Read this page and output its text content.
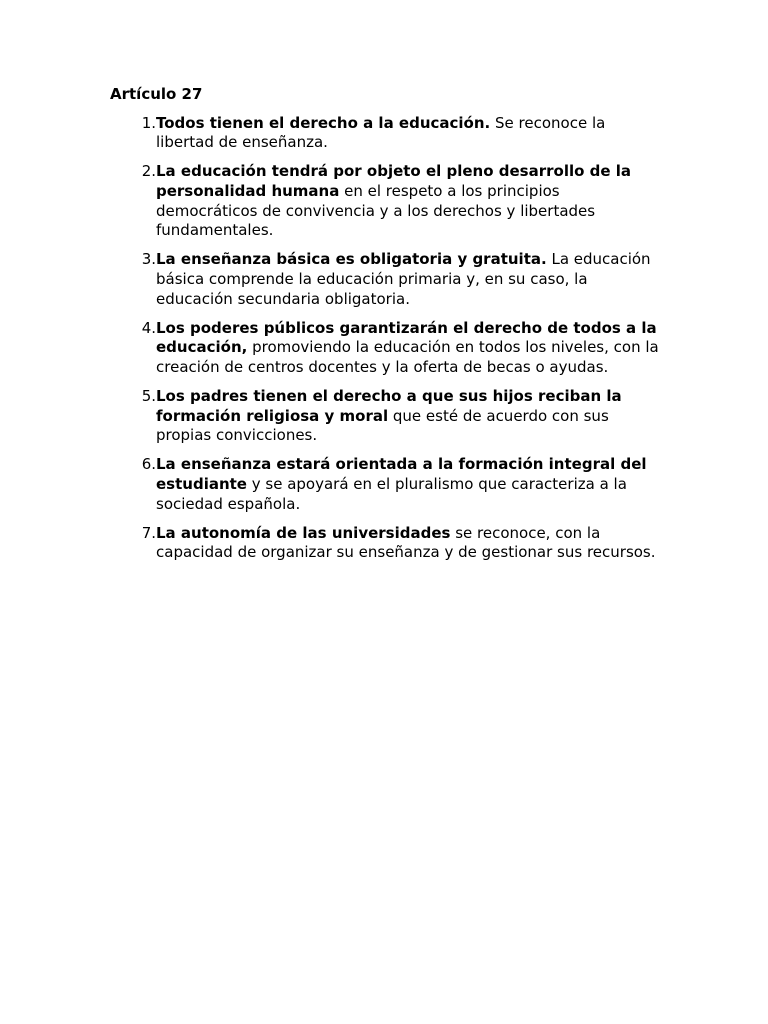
Artículo 27
1. Todos tienen el derecho a la educación. Se reconoce la libertad de enseñanza.
2. La educación tendrá por objeto el pleno desarrollo de la personalidad humana en el respeto a los principios democráticos de convivencia y a los derechos y libertades fundamentales.
3. La enseñanza básica es obligatoria y gratuita. La educación básica comprende la educación primaria y, en su caso, la educación secundaria obligatoria.
4. Los poderes públicos garantizarán el derecho de todos a la educación, promoviendo la educación en todos los niveles, con la creación de centros docentes y la oferta de becas o ayudas.
5. Los padres tienen el derecho a que sus hijos reciban la formación religiosa y moral que esté de acuerdo con sus propias convicciones.
6. La enseñanza estará orientada a la formación integral del estudiante y se apoyará en el pluralismo que caracteriza a la sociedad española.
7. La autonomía de las universidades se reconoce, con la capacidad de organizar su enseñanza y de gestionar sus recursos.
